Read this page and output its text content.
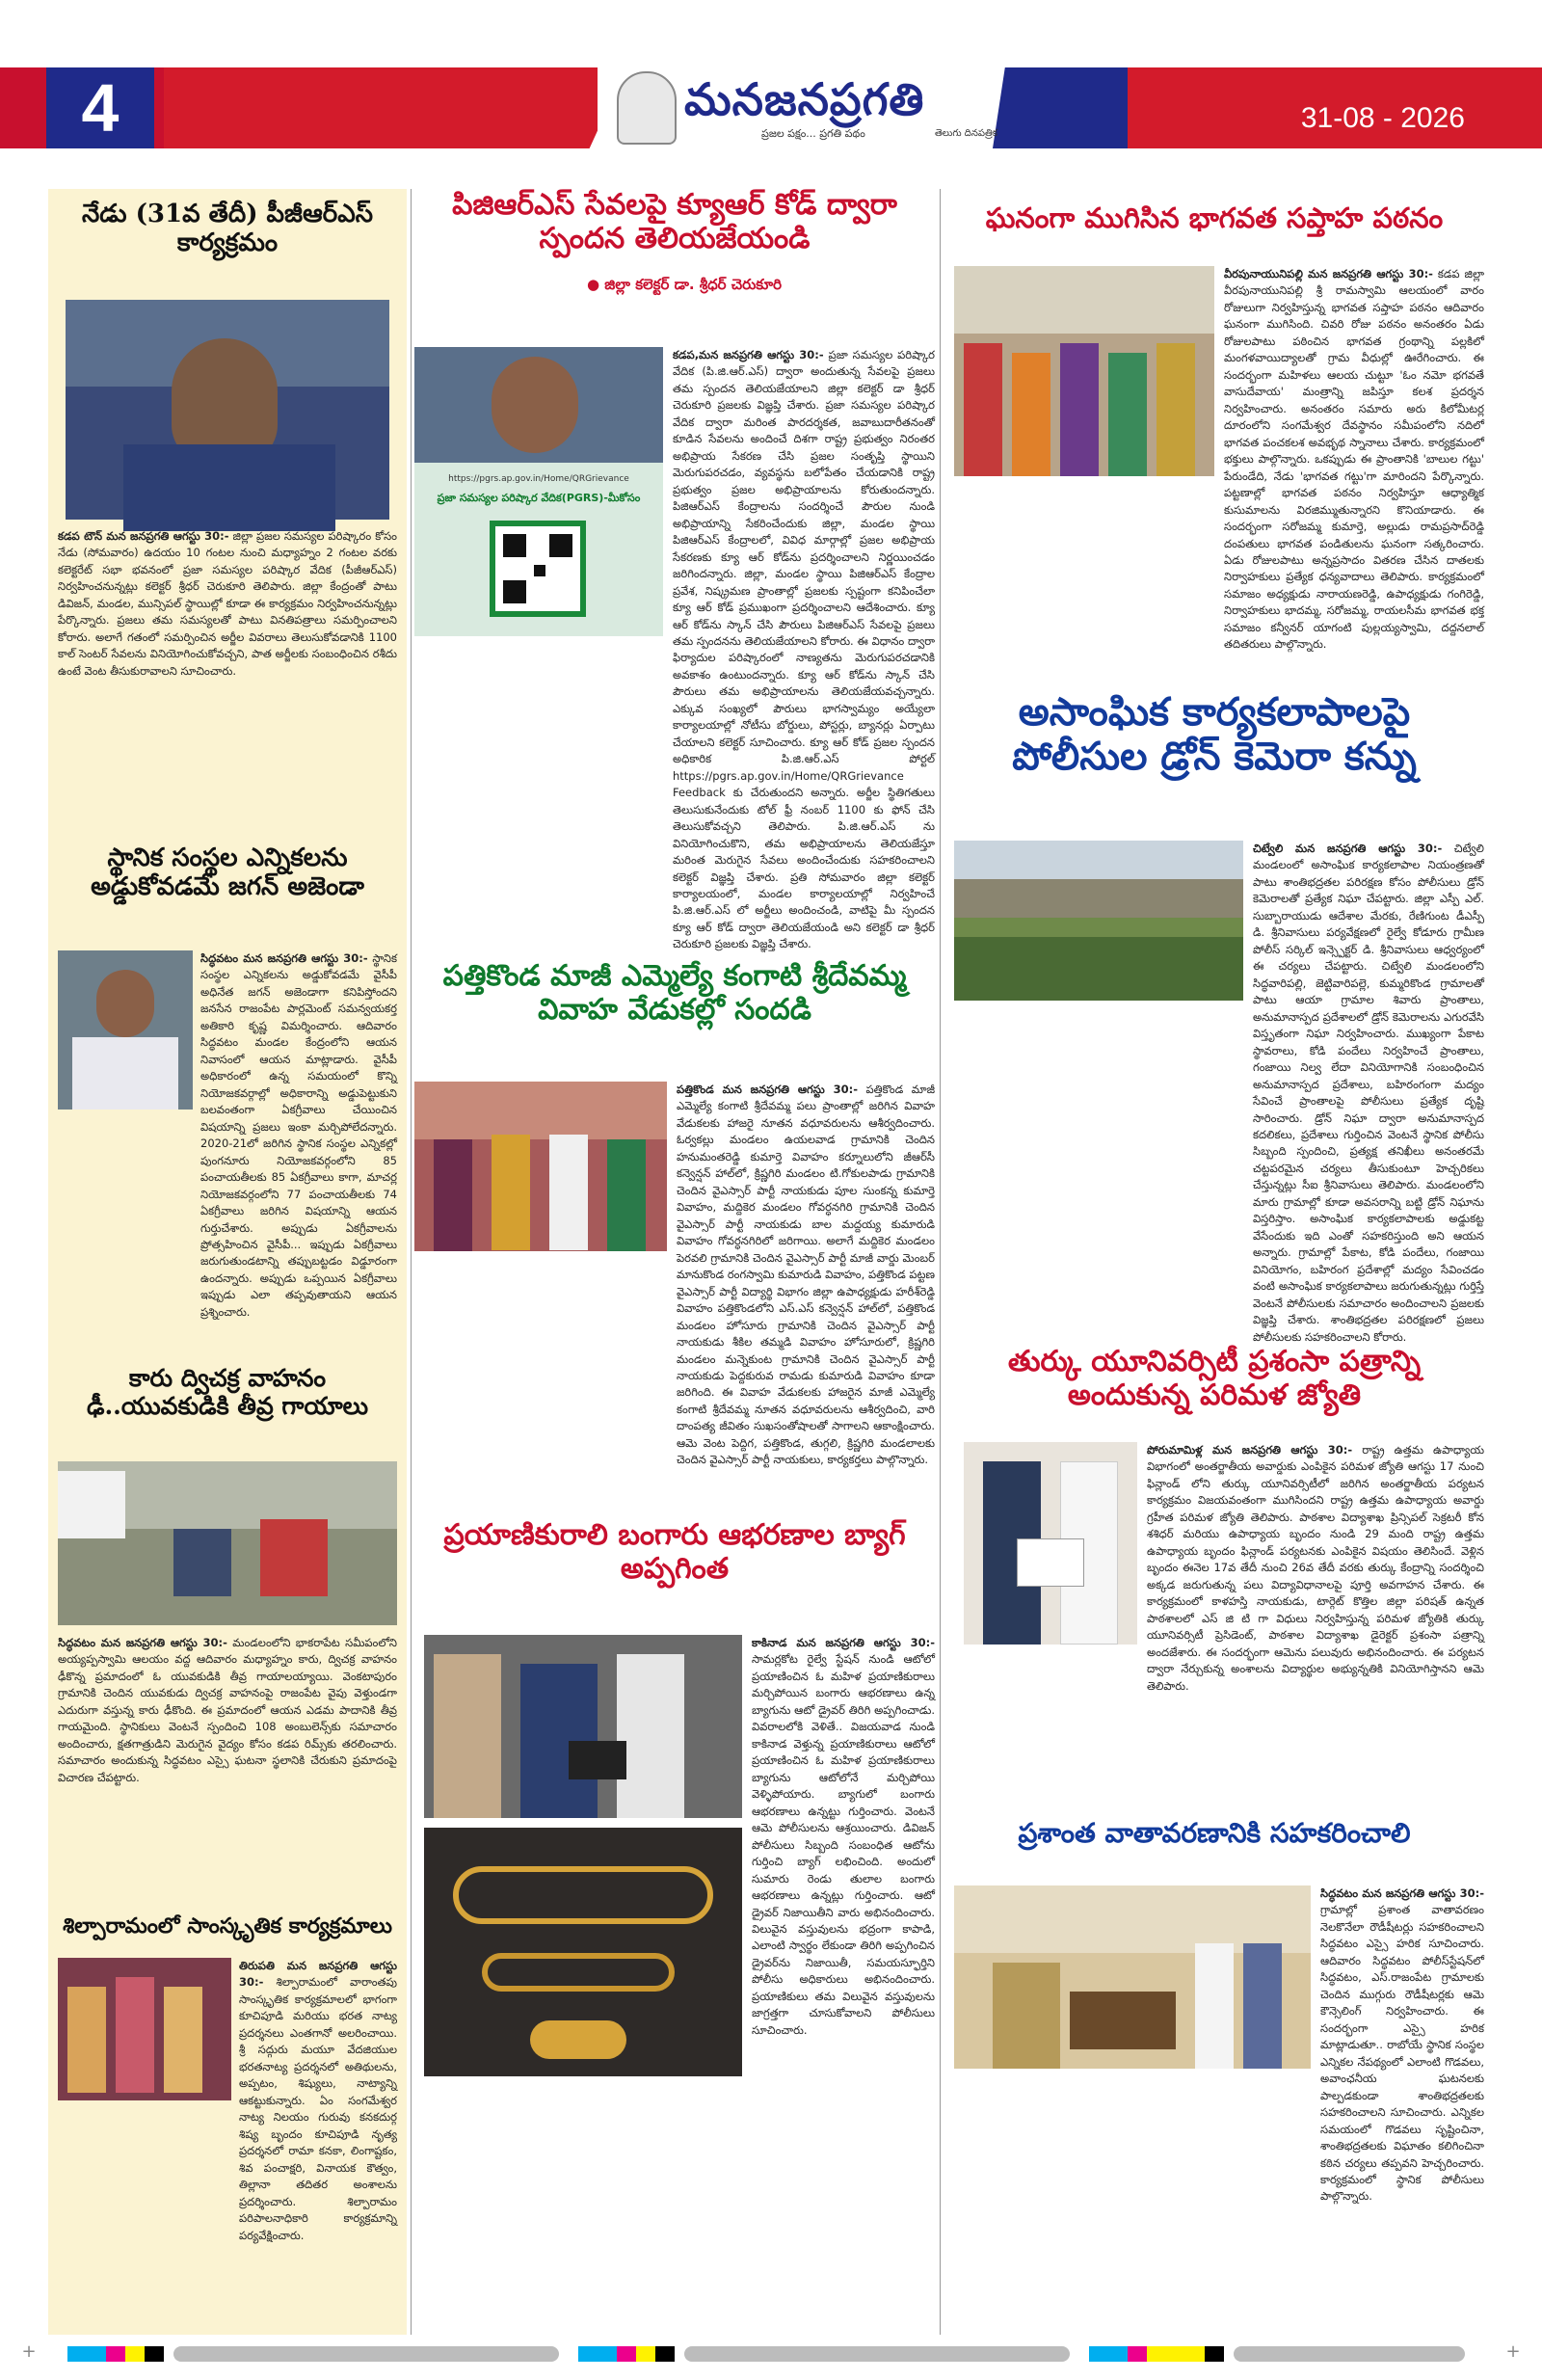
4	మనజనప్రగతి
ప్రజల పక్షం... ప్రగతి పథం	తెలుగు దినపత్రిక	31-08 - 2026
నేడు (31వ తేదీ) పీజీఆర్‌ఎస్ కార్యక్రమం
కడప టౌన్ మన జనప్రగతి ఆగస్టు 30:- జిల్లా ప్రజల సమస్యల పరిష్కారం కోసం నేడు (సోమవారం) ఉదయం 10 గంటల నుంచి మధ్యాహ్నం 2 గంటల వరకు కలెక్టరేట్ సభా భవనంలో ప్రజా సమస్యల పరిష్కార వేదిక (పీజీఆర్‌ఎస్) నిర్వహించనున్నట్లు కలెక్టర్ శ్రీధర్ చెరుకూరి తెలిపారు. జిల్లా కేంద్రంతో పాటు డివిజన్, మండల, మున్సిపల్ స్థాయిల్లో కూడా ఈ కార్యక్రమం నిర్వహించనున్నట్లు పేర్కొన్నారు. ప్రజలు తమ సమస్యలతో పాటు వినతిపత్రాలు సమర్పించాలని కోరారు. అలాగే గతంలో సమర్పించిన అర్జీల వివరాలు తెలుసుకోవడానికి 1100 కాల్ సెంటర్ సేవలను వినియోగించుకోవచ్చని, పాత అర్జీలకు సంబంధించిన రశీదు ఉంటే వెంట తీసుకురావాలని సూచించారు.
స్థానిక సంస్థల ఎన్నికలను అడ్డుకోవడమే జగన్ అజెండా
సిద్ధవటం మన జనప్రగతి ఆగస్టు 30:- స్థానిక సంస్థల ఎన్నికలను అడ్డుకోవడమే వైసీపీ అధినేత జగన్ అజెండాగా కనిపిస్తోందని జనసేన రాజంపేట పార్లమెంట్ సమన్వయకర్త అతికారి కృష్ణ విమర్శించారు. ఆదివారం సిద్ధవటం మండల కేంద్రంలోని ఆయన నివాసంలో ఆయన మాట్లాడారు. వైసీపీ అధికారంలో ఉన్న సమయంలో కొన్ని నియోజకవర్గాల్లో అధికారాన్ని అడ్డుపెట్టుకుని బలవంతంగా ఏకగ్రీవాలు చేయించిన విషయాన్ని ప్రజలు ఇంకా మర్చిపోలేదన్నారు. 2020-21లో జరిగిన స్థానిక సంస్థల ఎన్నికల్లో పుంగనూరు నియోజకవర్గంలోని 85 పంచాయతీలకు 85 ఏకగ్రీవాలు కాగా, మాచర్ల నియోజకవర్గంలోని 77 పంచాయతీలకు 74 ఏకగ్రీవాలు జరిగిన విషయాన్ని ఆయన గుర్తుచేశారు. అప్పుడు ఏకగ్రీవాలను ప్రోత్సహించిన వైసీపీ... ఇప్పుడు ఏకగ్రీవాలు జరుగుతుండటాన్ని తప్పుబట్టడం విడ్డూరంగా ఉందన్నారు. అప్పుడు ఒప్పయిన ఏకగ్రీవాలు ఇప్పుడు ఎలా తప్పవుతాయని ఆయన ప్రశ్నించారు.
కారు ద్విచక్ర వాహనం ఢీ..యువకుడికి తీవ్ర గాయాలు
సిద్ధవటం మన జనప్రగతి ఆగస్టు 30:- మండలంలోని భాకరాపేట సమీపంలోని అయ్యప్పస్వామి ఆలయం వద్ద ఆదివారం మధ్యాహ్నం కారు, ద్విచక్ర వాహనం ఢీకొన్న ప్రమాదంలో ఓ యువకుడికి తీవ్ర గాయాలయ్యాయి. వెంకటాపురం గ్రామానికి చెందిన యువకుడు ద్విచక్ర వాహనంపై రాజంపేట వైపు వెళ్తుండగా ఎదురుగా వస్తున్న కారు ఢీకొంది. ఈ ప్రమాదంలో ఆయన ఎడమ పాదానికి తీవ్ర గాయమైంది. స్థానికులు వెంటనే స్పందించి 108 అంబులెన్స్‌కు సమాచారం అందించారు, క్షతగాత్రుడిని మెరుగైన వైద్యం కోసం కడప రిమ్స్‌కు తరలించారు. సమాచారం అందుకున్న సిద్ధవటం ఎస్సై ఘటనా స్థలానికి చేరుకుని ప్రమాదంపై విచారణ చేపట్టారు.
శిల్పారామంలో సాంస్కృతిక కార్యక్రమాలు
తిరుపతి మన జనప్రగతి ఆగస్టు 30:- శిల్పారామంలో వారాంతపు సాంస్కృతిక కార్యక్రమాలలో భాగంగా కూచిపూడి మరియు భరత నాట్య ప్రదర్శనలు ఎంతగానో అలరించాయి. శ్రీ సద్గురు మయూ వేదజియుల భరతనాట్య ప్రదర్శనలో అతిథులను, అప్పటం, శిష్యులు, నాట్యాన్ని ఆకట్టుకున్నారు. ఏం సంగమేశ్వర నాట్య నిలయం గురువు కనకదుర్గ శిష్య బృందం కూచిపూడి నృత్య ప్రదర్శనలో రామా కనకా, లింగాష్టకం, శివ పంచాక్షరి, వినాయక కౌత్వం, తిల్లానా తదితర అంశాలను ప్రదర్శించారు. శిల్పారామం పరిపాలనాధికారి కార్యక్రమాన్ని పర్యవేక్షించారు.
పిజిఆర్‌ఎస్ సేవలపై క్యూఆర్ కోడ్ ద్వారా స్పందన తెలియజేయండి
● జిల్లా కలెక్టర్ డా. శ్రీధర్ చెరుకూరి
https://pgrs.ap.gov.in/Home/QRGrievance
ప్రజా సమస్యల పరిష్కార వేదిక(PGRS)-మీకోసం
కడప,మన జనప్రగతి ఆగస్టు 30:- ప్రజా సమస్యల పరిష్కార వేదిక (పి.జి.ఆర్.ఎస్) ద్వారా అందుతున్న సేవలపై ప్రజలు తమ స్పందన తెలియజేయాలని జిల్లా కలెక్టర్ డా శ్రీధర్ చెరుకూరి ప్రజలకు విజ్ఞప్తి చేశారు. ప్రజా సమస్యల పరిష్కార వేదిక ద్వారా మరింత పారదర్శకత, జవాబుదారీతనంతో కూడిన సేవలను అందించే దిశగా రాష్ట్ర ప్రభుత్వం నిరంతర అభిప్రాయ సేకరణ చేసి ప్రజల సంతృప్తి స్థాయిని మెరుగుపరచడం, వ్యవస్థను బలోపేతం చేయడానికి రాష్ట్ర ప్రభుత్వం ప్రజల అభిప్రాయాలను కోరుతుందన్నారు. పిజిఆర్‌ఎస్ కేంద్రాలను సందర్శించే పౌరుల నుండి అభిప్రాయాన్ని సేకరించేందుకు జిల్లా, మండల స్థాయి పిజిఆర్‌ఎస్ కేంద్రాలలో, వివిధ మార్గాల్లో ప్రజల అభిప్రాయ సేకరణకు క్యూ ఆర్ కోడ్‌ను ప్రదర్శించాలని నిర్ణయించడం జరిగిందన్నారు. జిల్లా, మండల స్థాయి పిజిఆర్‌ఎస్ కేంద్రాల ప్రవేశ, నిష్క్రమణ ప్రాంతాల్లో ప్రజలకు స్పష్టంగా కనిపించేలా క్యూ ఆర్ కోడ్ ప్రముఖంగా ప్రదర్శించాలని ఆదేశించారు. క్యూ ఆర్ కోడ్‌ను స్కాన్ చేసి పౌరులు పిజిఆర్‌ఎస్ సేవలపై ప్రజలు తమ స్పందనను తెలియజేయాలని కోరారు. ఈ విధానం ద్వారా ఫిర్యాదుల పరిష్కారంలో నాణ్యతను మెరుగుపరచడానికి అవకాశం ఉంటుందన్నారు. క్యూ ఆర్ కోడ్‌ను స్కాన్ చేసి పౌరులు తమ అభిప్రాయాలను తెలియజేయవచ్చన్నారు. ఎక్కువ సంఖ్యలో పౌరులు భాగస్వామ్యం అయ్యేలా కార్యాలయాల్లో నోటీసు బోర్డులు, పోస్టర్లు, బ్యానర్లు ఏర్పాటు చేయాలని కలెక్టర్ సూచించారు. క్యూ ఆర్ కోడ్ ప్రజల స్పందన అధికారిక పి.జి.ఆర్.ఎస్ పోర్టల్ https://pgrs.ap.gov.in/Home/QRGrievance Feedback కు చేరుతుందని అన్నారు. అర్జీల స్థితిగతులు తెలుసుకునేందుకు టోల్ ఫ్రీ నంబర్ 1100 కు ఫోన్ చేసి తెలుసుకోవచ్చని తెలిపారు. పి.జి.ఆర్.ఎస్ ను వినియోగించుకొని, తమ అభిప్రాయాలను తెలియజేస్తూ మరింత మెరుగైన సేవలు అందించేందుకు సహకరించాలని కలెక్టర్ విజ్ఞప్తి చేశారు. ప్రతి సోమవారం జిల్లా కలెక్టర్ కార్యాలయంలో, మండల కార్యాలయాల్లో నిర్వహించే పి.జి.ఆర్.ఎస్ లో అర్జీలు అందించండి, వాటిపై మీ స్పందన క్యూ ఆర్ కోడ్ ద్వారా తెలియజేయండి అని కలెక్టర్ డా శ్రీధర్ చెరుకూరి ప్రజలకు విజ్ఞప్తి చేశారు.
పత్తికొండ మాజీ ఎమ్మెల్యే కంగాటి శ్రీదేవమ్మ వివాహ వేడుకల్లో సందడి
పత్తికొండ మన జనప్రగతి ఆగస్టు 30:- పత్తికొండ మాజీ ఎమ్మెల్యే కంగాటి శ్రీదేవమ్మ పలు ప్రాంతాల్లో జరిగిన వివాహ వేడుకలకు హాజరై నూతన వధూవరులను ఆశీర్వదించారు. ఓర్వకల్లు మండలం ఉయలవాడ గ్రామానికి చెందిన హనుమంతరెడ్డి కుమార్తె వివాహం కర్నూలులోని జీఆర్‌సీ కన్వెన్షన్ హాల్‌లో, క్రిష్ణగిరి మండలం టి.గోకులపాడు గ్రామానికి చెందిన వైఎస్సార్ పార్టీ నాయకుడు పూల సుంకన్న కుమార్తె వివాహం, మద్దికెర మండలం గోవర్ధనగిరి గ్రామానికి చెందిన వైఎస్సార్ పార్టీ నాయకుడు బాల మద్దయ్య కుమారుడి వివాహం గోవర్ధనగిరిలో జరిగాయి. అలాగే మద్దికెర మండలం పెరవలి గ్రామానికి చెందిన వైఎస్సార్ పార్టీ మాజీ వార్డు మెంబర్ మానుకొండ రంగస్వామి కుమారుడి వివాహం, పత్తికొండ పట్టణ వైఎస్సార్ పార్టీ విద్యార్థి విభాగం జిల్లా ఉపాధ్యక్షుడు హరీశ్‌రెడ్డి వివాహం పత్తికొండలోని ఎస్.ఎస్ కన్వెన్షన్ హాల్‌లో, పత్తికొండ మండలం హోసూరు గ్రామానికి చెందిన వైఎస్సార్ పార్టీ నాయకుడు శీకిల తమ్మడి వివాహం హోసూరులో, క్రిష్ణగిరి మండలం మన్నెకుంట గ్రామానికి చెందిన వైఎస్సార్ పార్టీ నాయకుడు పెద్దకురువ రామడు కుమారుడి వివాహం కూడా జరిగింది. ఈ వివాహ వేడుకలకు హాజరైన మాజీ ఎమ్మెల్యే కంగాటి శ్రీదేవమ్మ నూతన వధూవరులను ఆశీర్వదించి, వారి దాంపత్య జీవితం సుఖసంతోషాలతో సాగాలని ఆకాంక్షించారు. ఆమె వెంట పెద్దిగ, పత్తికొండ, తుగ్గలి, క్రిష్ణగిరి మండలాలకు చెందిన వైఎస్సార్ పార్టీ నాయకులు, కార్యకర్తలు పాల్గొన్నారు.
ప్రయాణికురాలి బంగారు ఆభరణాల బ్యాగ్ అప్పగింత
కాకినాడ మన జనప్రగతి ఆగస్టు 30:- సామర్లకోట రైల్వే స్టేషన్ నుండి ఆటోలో ప్రయాణించిన ఓ మహిళ ప్రయాణికురాలు మర్చిపోయిన బంగారు ఆభరణాలు ఉన్న బ్యాగును ఆటో డ్రైవర్ తిరిగి అప్పగించాడు. వివరాలలోకి వెళితే.. విజయవాడ నుండి కాకినాడ వెళ్తున్న ప్రయాణికురాలు ఆటోలో ప్రయాణించిన ఓ మహిళ ప్రయాణికురాలు బ్యాగును ఆటోలోనే మర్చిపోయి వెళ్ళిపోయారు. బ్యాగులో బంగారు ఆభరణాలు ఉన్నట్టు గుర్తించారు. వెంటనే ఆమె పోలీసులను ఆశ్రయించారు. డివిజన్ పోలీసులు సిబ్బంది సంబంధిత ఆటోను గుర్తించి బ్యాగ్ లభించింది. అందులో సుమారు రెండు తులాల బంగారు ఆభరణాలు ఉన్నట్లు గుర్తించారు. ఆటో డ్రైవర్ నిజాయితీని వారు అభినందించారు. విలువైన వస్తువులను భద్రంగా కాపాడి, ఎలాంటి స్వార్థం లేకుండా తిరిగి అప్పగించిన డ్రైవర్‌ను నిజాయితీ, సమయస్ఫూర్తిని పోలీసు అధికారులు అభినందించారు. ప్రయాణికులు తమ విలువైన వస్తువులను జాగ్రత్తగా చూసుకోవాలని పోలీసులు సూచించారు.
ఘనంగా ముగిసిన భాగవత సప్తాహ పఠనం
వీరపునాయునిపల్లి మన జనప్రగతి ఆగస్టు 30:- కడప జిల్లా వీరపునాయునిపల్లి శ్రీ రామస్వామి ఆలయంలో వారం రోజులుగా నిర్వహిస్తున్న భాగవత సప్తాహ పఠనం ఆదివారం ఘనంగా ముగిసింది. చివరి రోజు పఠనం అనంతరం ఏడు రోజులపాటు పఠించిన భాగవత గ్రంథాన్ని పల్లకిలో మంగళవాయిద్యాలతో గ్రామ వీధుల్లో ఊరేగించారు. ఈ సందర్భంగా మహిళలు ఆలయ చుట్టూ 'ఓం నమో భగవతే వాసుదేవాయ' మంత్రాన్ని జపిస్తూ కలశ ప్రదర్శన నిర్వహించారు. అనంతరం సమారు అరు కిలోమీటర్ల దూరంలోని సంగమేశ్వర దేవస్థానం సమీపంలోని నదిలో భాగవత పంచకలశ అవభృథ స్నానాలు చేశారు. కార్యక్రమంలో భక్తులు పాల్గొన్నారు. ఒకప్పుడు ఈ ప్రాంతానికి 'బాలుల గట్టు' పేరుండేది, నేడు 'భాగవత గట్టు'గా మారిందని పేర్కొన్నారు. పట్టణాల్లో భాగవత పఠనం నిర్వహిస్తూ ఆధ్యాత్మిక కుసుమాలను విరజిమ్ముతున్నారని కొనియాడారు. ఈ సందర్భంగా సరోజమ్మ కుమార్తె, అల్లుడు రామప్రసాద్‌రెడ్డి దంపతులు భాగవత పండితులను ఘనంగా సత్కరించారు. ఏడు రోజులపాటు అన్నప్రసాదం వితరణ చేసిన దాతలకు నిర్వాహకులు ప్రత్యేక ధన్యవాదాలు తెలిపారు. కార్యక్రమంలో సమాజం అధ్యక్షుడు నారాయణరెడ్డి, ఉపాధ్యక్షుడు గంగిరెడ్డి, నిర్వాహకులు భాదమ్మ, సరోజమ్మ, రాయలసీమ భాగవత భక్త సమాజం కన్వీనర్ యాగంటి పుల్లయ్యస్వామి, దద్దనలాల్ తదితరులు పాల్గొన్నారు.
అసాంఘిక కార్యకలాపాలపై పోలీసుల డ్రోన్ కెమెరా కన్ను
చిట్వేలి మన జనప్రగతి ఆగస్టు 30:- చిట్వేలి మండలంలో అసాంఘిక కార్యకలాపాల నియంత్రణతో పాటు శాంతిభద్రతల పరిరక్షణ కోసం పోలీసులు డ్రోన్ కెమెరాలతో ప్రత్యేక నిఘా చేపట్టారు. జిల్లా ఎస్పీ ఎల్. సుబ్బారాయుడు ఆదేశాల మేరకు, రేణిగుంట డీఎస్పీ డి. శ్రీనివాసులు పర్యవేక్షణలో రైల్వే కోడూరు గ్రామీణ పోలీస్ సర్కిల్ ఇన్స్పెక్టర్ డి. శ్రీనివాసులు ఆధ్వర్యంలో ఈ చర్యలు చేపట్టారు. చిట్వేలి మండలంలోని సిద్ధవారిపల్లి, జెట్టివారిపల్లె, కుమ్మరికొండ గ్రామాలతో పాటు ఆయా గ్రామాల శివారు ప్రాంతాలు, అనుమానాస్పద ప్రదేశాలలో డ్రోన్ కెమెరాలను ఎగురవేసి విస్తృతంగా నిఘా నిర్వహించారు. ముఖ్యంగా పేకాట స్థావరాలు, కోడి పందేలు నిర్వహించే ప్రాంతాలు, గంజాయి నిల్వ లేదా వినియోగానికి సంబంధించిన అనుమానాస్పద ప్రదేశాలు, బహిరంగంగా మద్యం సేవించే ప్రాంతాలపై పోలీసులు ప్రత్యేక దృష్టి సారించారు. డ్రోన్ నిఘా ద్వారా అనుమానాస్పద కదలికలు, ప్రదేశాలు గుర్తించిన వెంటనే స్థానిక పోలీసు సిబ్బంది స్పందించి, ప్రత్యక్ష తనిఖీలు అనంతరమే చట్టపరమైన చర్యలు తీసుకుంటూ హెచ్చరికలు చేస్తున్నట్లు సీఐ శ్రీనివాసులు తెలిపారు. మండలంలోని మారు గ్రామాల్లో కూడా అవసరాన్ని బట్టి డ్రోన్ నిఘాను విస్తరిస్తాం. అసాంఘిక కార్యకలాపాలకు అడ్డుకట్ట వేసేందుకు ఇది ఎంతో సహకరిస్తుంది అని ఆయన అన్నారు. గ్రామాల్లో పేకాట, కోడి పందేలు, గంజాయి వినియోగం, బహిరంగ ప్రదేశాల్లో మద్యం సేవించడం వంటి అసాంఘిక కార్యకలాపాలు జరుగుతున్నట్లు గుర్తిస్తే వెంటనే పోలీసులకు సమాచారం అందించాలని ప్రజలకు విజ్ఞప్తి చేశారు. శాంతిభద్రతల పరిరక్షణలో ప్రజలు పోలీసులకు సహకరించాలని కోరారు.
తుర్కు యూనివర్సిటీ ప్రశంసా పత్రాన్ని అందుకున్న పరిమళ జ్యోతి
పోరుమామిళ్ల మన జనప్రగతి ఆగస్టు 30:- రాష్ట్ర ఉత్తమ ఉపాధ్యాయ విభాగంలో అంతర్జాతీయ అవార్డుకు ఎంపికైన పరిమళ జ్యోతి ఆగస్టు 17 నుంచి ఫిన్లాండ్ లోని తుర్కు యూనివర్సిటీలో జరిగిన అంతర్జాతీయ పర్యటన కార్యక్రమం విజయవంతంగా ముగిసిందని రాష్ట్ర ఉత్తమ ఉపాధ్యాయ అవార్డు గ్రహీత పరిమళ జ్యోతి తెలిపారు. పాఠశాల విద్యాశాఖ ప్రిన్సిపల్ సెక్రటరీ కోన శశిధర్ మరియు ఉపాధ్యాయ బృందం నుండి 29 మంది రాష్ట్ర ఉత్తమ ఉపాధ్యాయ బృందం ఫిన్లాండ్ పర్యటనకు ఎంపికైన విషయం తెలిసిందే. వెళ్లిన బృందం ఈనెల 17వ తేదీ నుంచి 26వ తేదీ వరకు తుర్కు కేంద్రాన్ని సందర్శించి అక్కడ జరుగుతున్న పలు విద్యావిధానాలపై పూర్తి అవగాహన చేశారు. ఈ కార్యక్రమంలో కాళహస్తి నాయకుడు, టార్గెట్ కొత్తిల జిల్లా పరిషత్ ఉన్నత పాఠశాలలో ఎస్ జి టి గా విధులు నిర్వహిస్తున్న పరిమళ జ్యోతికి తుర్కు యూనివర్సిటీ ప్రెసిడెంట్, పాఠశాల విద్యాశాఖ డైరెక్టర్ ప్రశంసా పత్రాన్ని అందజేశారు. ఈ సందర్భంగా ఆమెను పలువురు అభినందించారు. ఈ పర్యటన ద్వారా నేర్చుకున్న అంశాలను విద్యార్థుల అభ్యున్నతికి వినియోగిస్తానని ఆమె తెలిపారు.
ప్రశాంత వాతావరణానికి సహకరించాలి
సిద్ధవటం మన జనప్రగతి ఆగస్టు 30:- గ్రామాల్లో ప్రశాంత వాతావరణం నెలకొనేలా రౌడీషీటర్లు సహకరించాలని సిద్ధవటం ఎస్సై హరిక సూచించారు. ఆదివారం సిద్ధవటం పోలీస్‌స్టేషన్‌లో సిద్ధవటం, ఎస్.రాజంపేట గ్రామాలకు చెందిన ముగ్గురు రౌడీషీటర్లకు ఆమె కౌన్సెలింగ్ నిర్వహించారు. ఈ సందర్భంగా ఎస్సై హరిక మాట్లాడుతూ.. రాబోయే స్థానిక సంస్థల ఎన్నికల నేపథ్యంలో ఎలాంటి గొడవలు, అవాంఛనీయ ఘటనలకు పాల్పడకుండా శాంతిభద్రతలకు సహకరించాలని సూచించారు. ఎన్నికల సమయంలో గొడవలు సృష్టించినా, శాంతిభద్రతలకు విఘాతం కలిగించినా కఠిన చర్యలు తప్పవని హెచ్చరించారు. కార్యక్రమంలో స్థానిక పోలీసులు పాల్గొన్నారు.
+	+
